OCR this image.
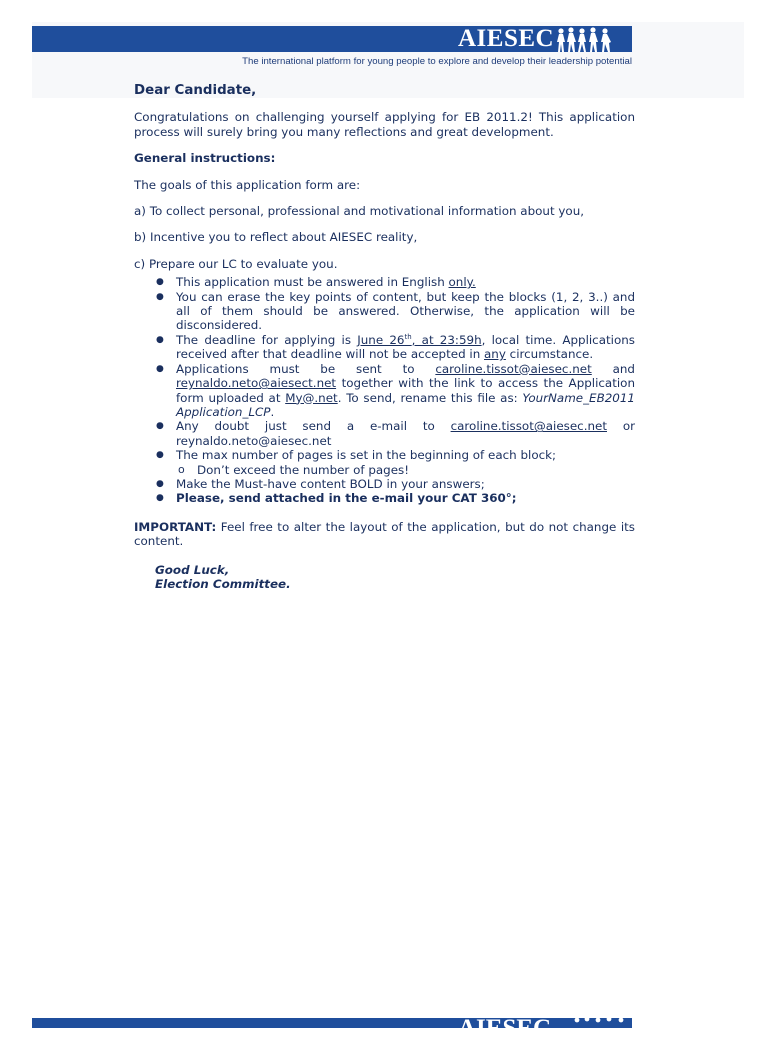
AIESEC
The international platform for young people to explore and develop their leadership potential

Dear Candidate,

Congratulations on challenging yourself applying for EB 2011.2! This application process will surely bring you many reflections and great development.

General instructions:

The goals of this application form are:

a) To collect personal, professional and motivational information about you,

b) Incentive you to reflect about AIESEC reality,

c) Prepare our LC to evaluate you.

● This application must be answered in English only.
● You can erase the key points of content, but keep the blocks (1, 2, 3..) and all of them should be answered. Otherwise, the application will be disconsidered.
● The deadline for applying is June 26th, at 23:59h, local time. Applications received after that deadline will not be accepted in any circumstance.
● Applications must be sent to caroline.tissot@aiesec.net and reynaldo.neto@aiesect.net together with the link to access the Application form uploaded at My@.net. To send, rename this file as: YourName_EB2011 Application_LCP.
● Any doubt just send a e-mail to caroline.tissot@aiesec.net or reynaldo.neto@aiesec.net
● The max number of pages is set in the beginning of each block;
o Don’t exceed the number of pages!
● Make the Must-have content BOLD in your answers;
● Please, send attached in the e-mail your CAT 360°;

IMPORTANT: Feel free to alter the layout of the application, but do not change its content.

Good Luck,

Election Committee.

AIESEC
